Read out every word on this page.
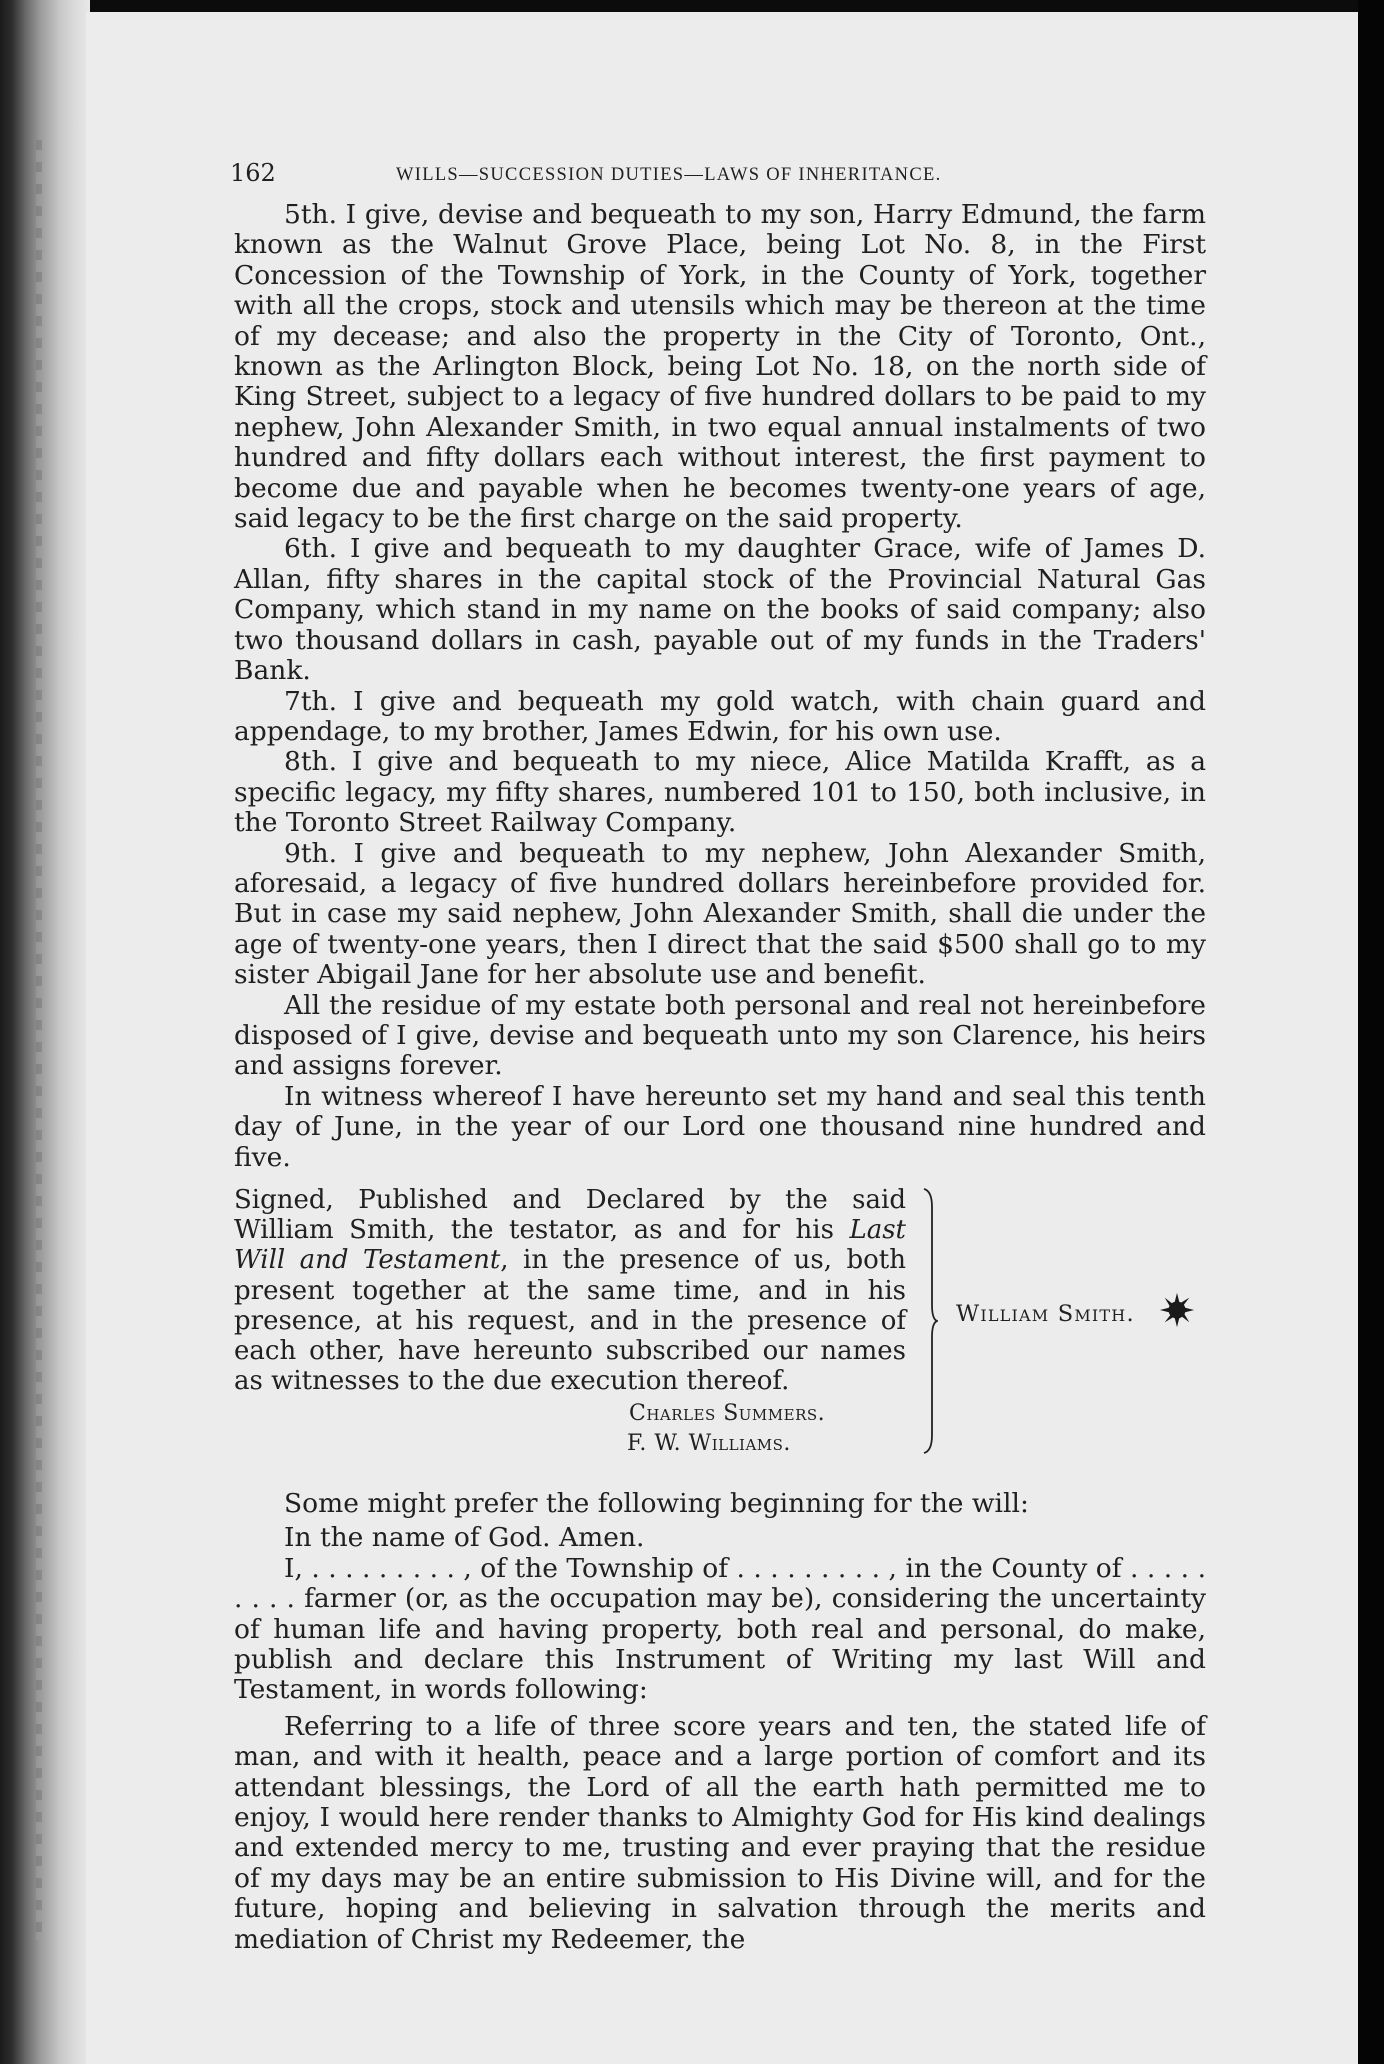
162	WILLS—SUCCESSION DUTIES—LAWS OF INHERITANCE.

5th. I give, devise and bequeath to my son, Harry Edmund, the farm known as the Walnut Grove Place, being Lot No. 8, in the First Concession of the Township of York, in the County of York, together with all the crops, stock and utensils which may be thereon at the time of my decease; and also the property in the City of Toronto, Ont., known as the Arlington Block, being Lot No. 18, on the north side of King Street, subject to a legacy of five hundred dollars to be paid to my nephew, John Alexander Smith, in two equal annual instalments of two hundred and fifty dollars each without interest, the first payment to become due and payable when he becomes twenty-one years of age, said legacy to be the first charge on the said property.

6th. I give and bequeath to my daughter Grace, wife of James D. Allan, fifty shares in the capital stock of the Provincial Natural Gas Company, which stand in my name on the books of said company; also two thousand dollars in cash, payable out of my funds in the Traders' Bank.

7th. I give and bequeath my gold watch, with chain guard and appendage, to my brother, James Edwin, for his own use.

8th. I give and bequeath to my niece, Alice Matilda Krafft, as a specific legacy, my fifty shares, numbered 101 to 150, both inclusive, in the Toronto Street Railway Company.

9th. I give and bequeath to my nephew, John Alexander Smith, aforesaid, a legacy of five hundred dollars hereinbefore provided for. But in case my said nephew, John Alexander Smith, shall die under the age of twenty-one years, then I direct that the said $500 shall go to my sister Abigail Jane for her absolute use and benefit.

All the residue of my estate both personal and real not hereinbefore disposed of I give, devise and bequeath unto my son Clarence, his heirs and assigns forever.

In witness whereof I have hereunto set my hand and seal this tenth day of June, in the year of our Lord one thousand nine hundred and five.

Signed, Published and Declared by the said William Smith, the testator, as and for his Last Will and Testament, in the presence of us, both present together at the same time, and in his presence, at his request, and in the presence of each other, have hereunto subscribed our names as witnesses to the due execution thereof.

Charles Summers.
F. W. Williams.
William Smith.

Some might prefer the following beginning for the will:

In the name of God. Amen.

I, . . . . . . . . . , of the Township of . . . . . . . . . , in the County of . . . . . . . . . farmer (or, as the occupation may be), considering the uncertainty of human life and having property, both real and personal, do make, publish and declare this Instrument of Writing my last Will and Testament, in words following:

Referring to a life of three score years and ten, the stated life of man, and with it health, peace and a large portion of comfort and its attendant blessings, the Lord of all the earth hath permitted me to enjoy, I would here render thanks to Almighty God for His kind dealings and extended mercy to me, trusting and ever praying that the residue of my days may be an entire submission to His Divine will, and for the future, hoping and believing in salvation through the merits and mediation of Christ my Redeemer, the
